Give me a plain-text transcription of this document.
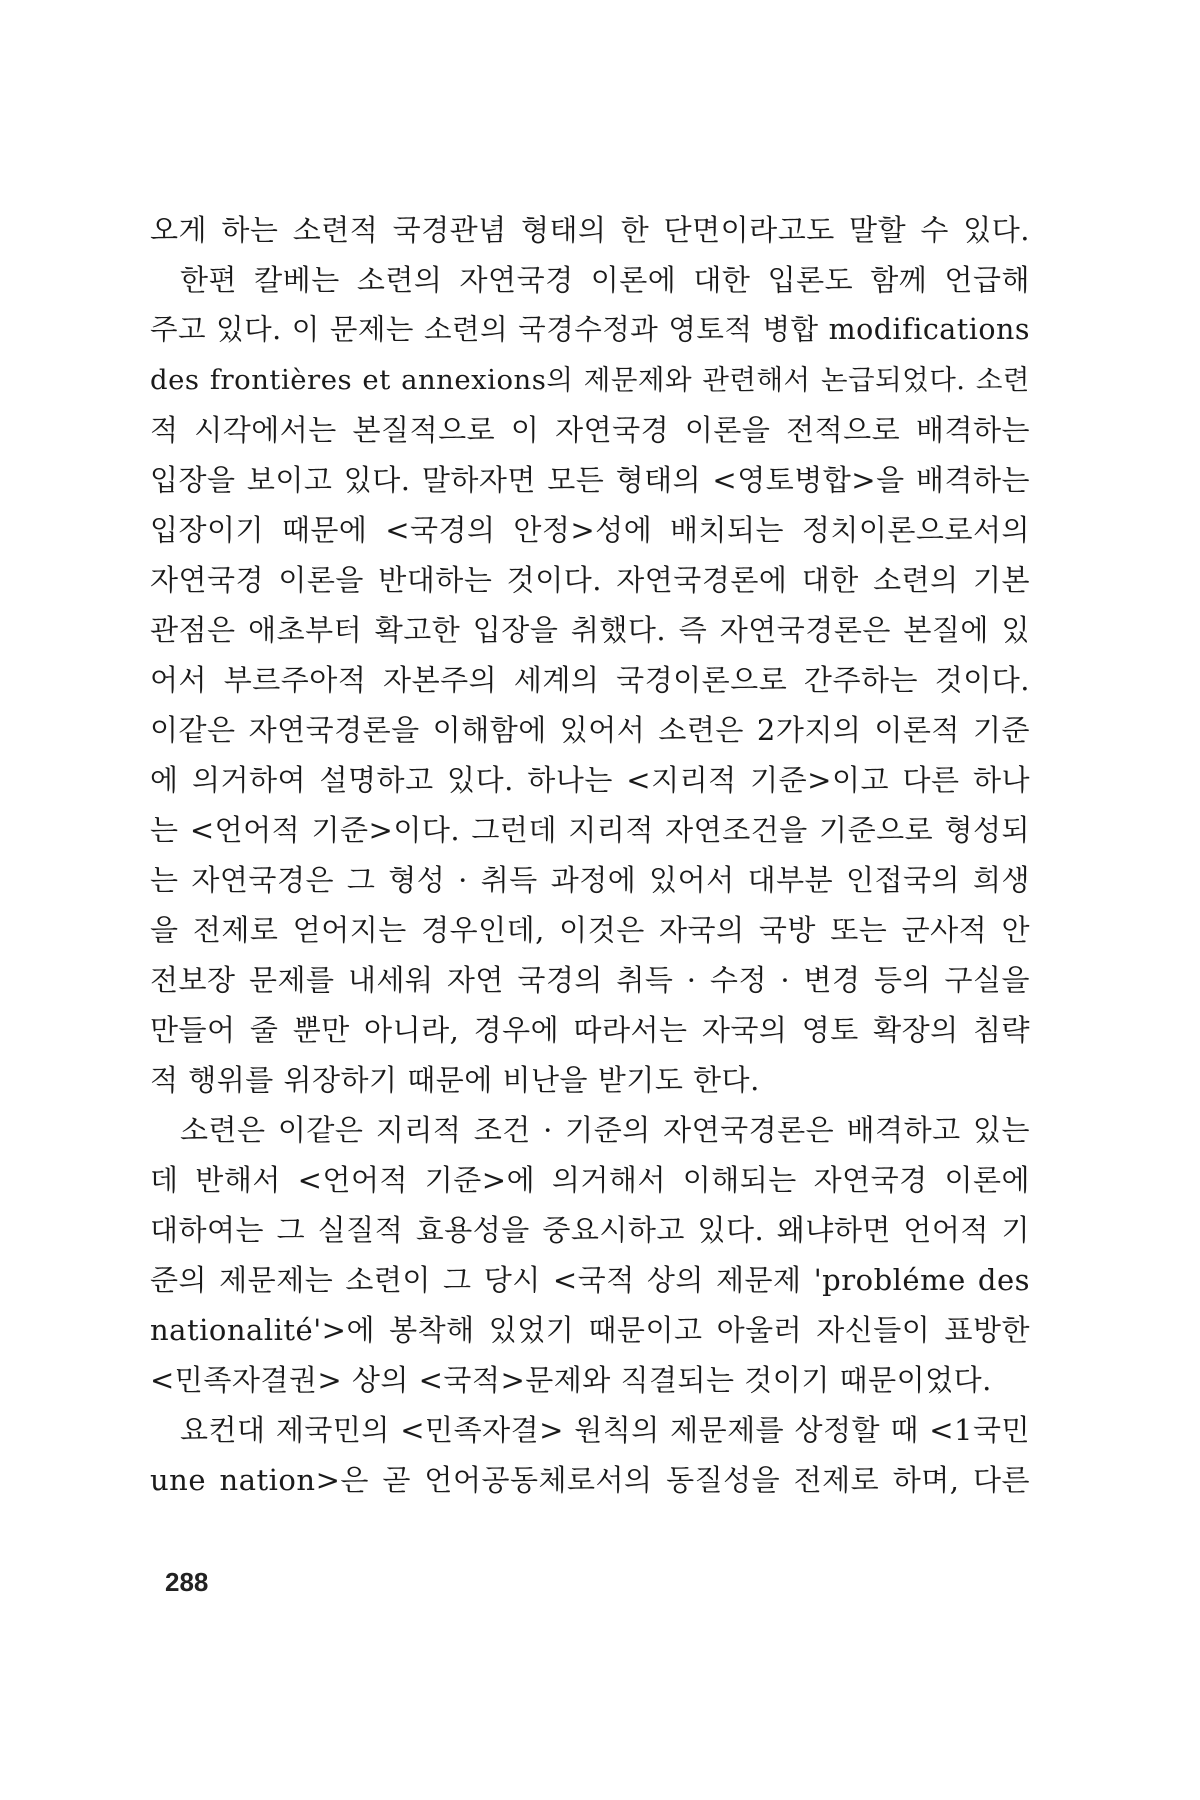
오게 하는 소련적 국경관념 형태의 한 단면이라고도 말할 수 있다.
한편 칼베는 소련의 자연국경 이론에 대한 입론도 함께 언급해
주고 있다. 이 문제는 소련의 국경수정과 영토적 병합 modifications
des frontières et annexions의 제문제와 관련해서 논급되었다. 소련
적 시각에서는 본질적으로 이 자연국경 이론을 전적으로 배격하는
입장을 보이고 있다. 말하자면 모든 형태의 <영토병합>을 배격하는
입장이기 때문에 <국경의 안정>성에 배치되는 정치이론으로서의
자연국경 이론을 반대하는 것이다. 자연국경론에 대한 소련의 기본
관점은 애초부터 확고한 입장을 취했다. 즉 자연국경론은 본질에 있
어서 부르주아적 자본주의 세계의 국경이론으로 간주하는 것이다.
이같은 자연국경론을 이해함에 있어서 소련은 2가지의 이론적 기준
에 의거하여 설명하고 있다. 하나는 <지리적 기준>이고 다른 하나
는 <언어적 기준>이다. 그런데 지리적 자연조건을 기준으로 형성되
는 자연국경은 그 형성 · 취득 과정에 있어서 대부분 인접국의 희생
을 전제로 얻어지는 경우인데, 이것은 자국의 국방 또는 군사적 안
전보장 문제를 내세워 자연 국경의 취득 · 수정 · 변경 등의 구실을
만들어 줄 뿐만 아니라, 경우에 따라서는 자국의 영토 확장의 침략
적 행위를 위장하기 때문에 비난을 받기도 한다.
소련은 이같은 지리적 조건 · 기준의 자연국경론은 배격하고 있는
데 반해서 <언어적 기준>에 의거해서 이해되는 자연국경 이론에
대하여는 그 실질적 효용성을 중요시하고 있다. 왜냐하면 언어적 기
준의 제문제는 소련이 그 당시 <국적 상의 제문제 'probléme des
nationalité'>에 봉착해 있었기 때문이고 아울러 자신들이 표방한
<민족자결권> 상의 <국적>문제와 직결되는 것이기 때문이었다.
요컨대 제국민의 <민족자결> 원칙의 제문제를 상정할 때 <1국민
une nation>은 곧 언어공동체로서의 동질성을 전제로 하며, 다른
288
